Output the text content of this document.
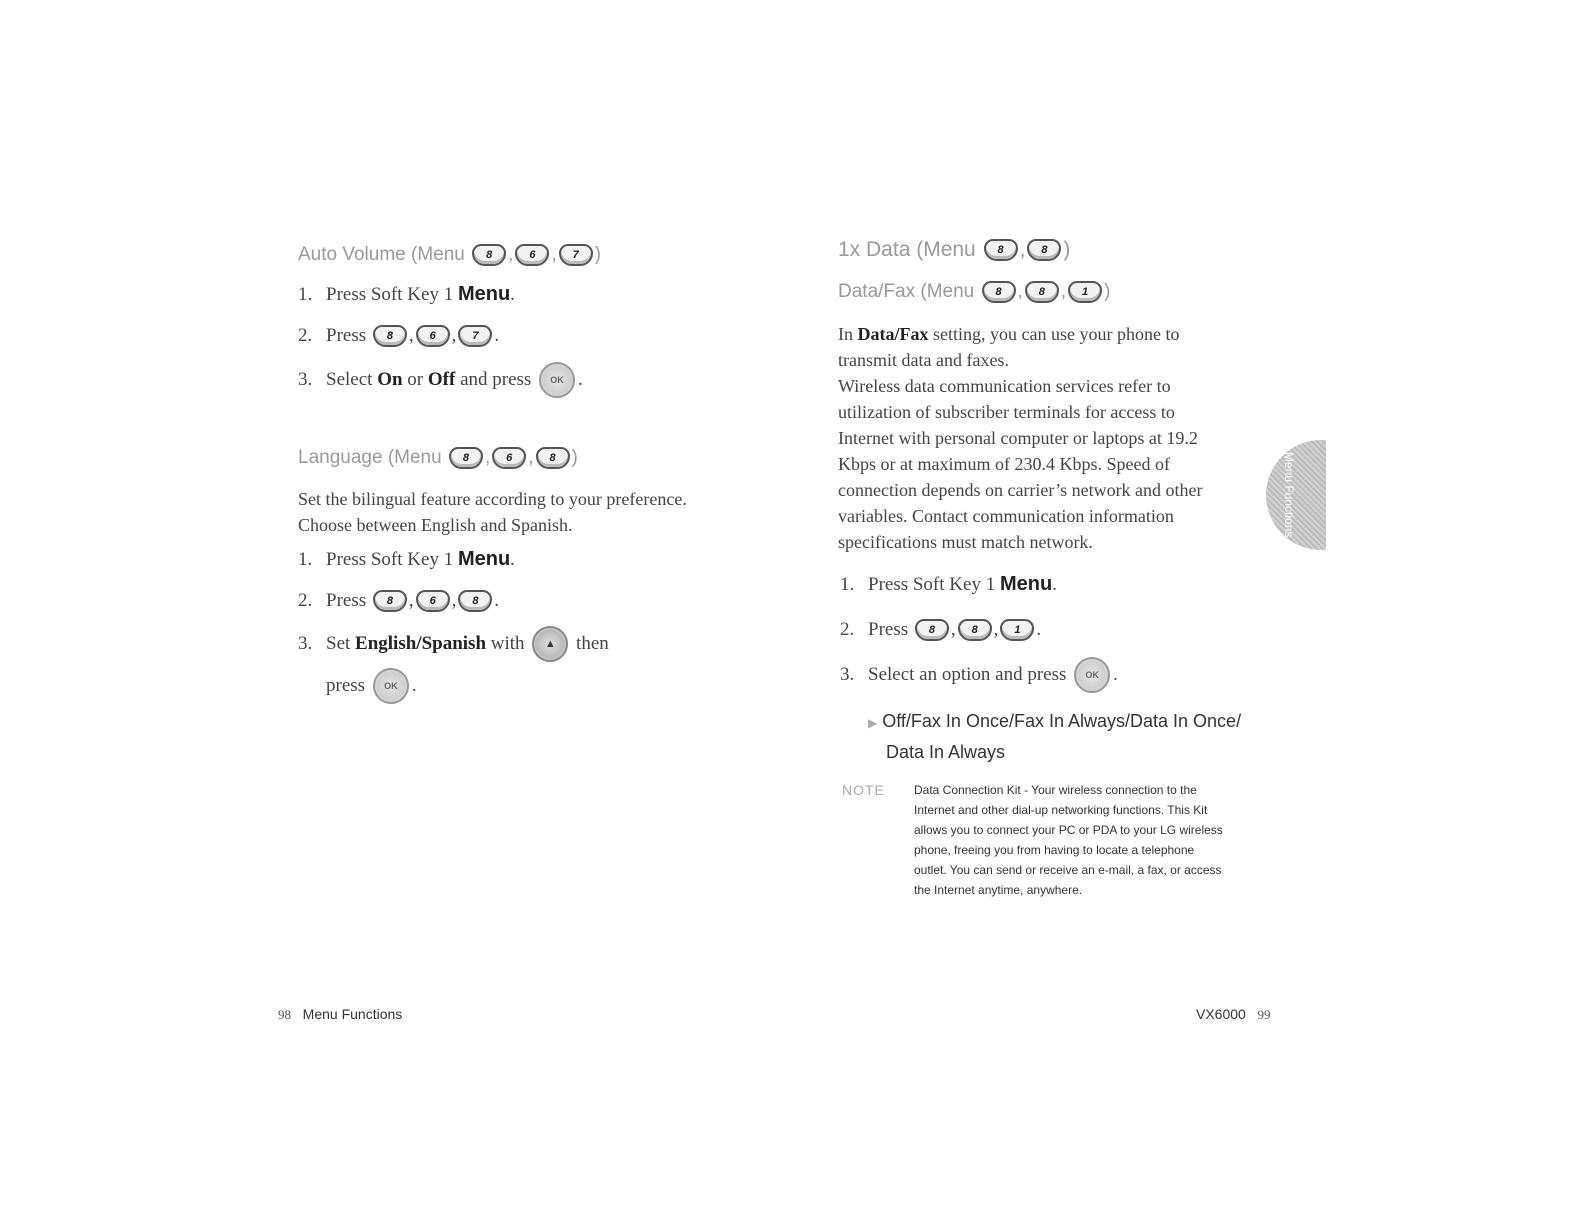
Auto Volume (Menu
	8 ,	6 ,	7 )
1. Press Soft Key 1
Menu .
2. Press
	8 ,	6 ,	7 .
3. Select
On
or
Off
and press
	OK .
Language (Menu
	8 ,	6 ,	8 )
Set the bilingual feature according to your preference.
Choose between English and Spanish.
1. Press Soft Key 1
Menu .
2. Press
	8 ,	6 ,	8 .
3. Set
English/Spanish
with
	▲
	then
press
	OK .
98 Menu Functions
1x Data (Menu
	8 ,	8 )
Data/Fax (Menu
	8 ,	8 ,	1 )
In Data/Fax setting, you can use your phone to
transmit data and faxes.
Wireless data communication services refer to
utilization of subscriber terminals for access to
Internet with personal computer or laptops at 19.2
Kbps or at maximum of 230.4 Kbps. Speed of
connection depends on carrier’s network and other
variables. Contact communication information
specifications must match network.
1. Press Soft Key 1
Menu .
2. Press
	8 ,	8 ,	1 .
3. Select an option and press
	OK .
▶ Off/Fax In Once/Fax In Always/Data In Once/
Data In Always
NOTE Data Connection Kit - Your wireless connection to the
Internet and other dial-up networking functions. This Kit
allows you to connect your PC or PDA to your LG wireless
phone, freeing you from having to locate a telephone
outlet. You can send or receive an e-mail, a fax, or access
the Internet anytime, anywhere.
Menu Functions
VX6000 99
